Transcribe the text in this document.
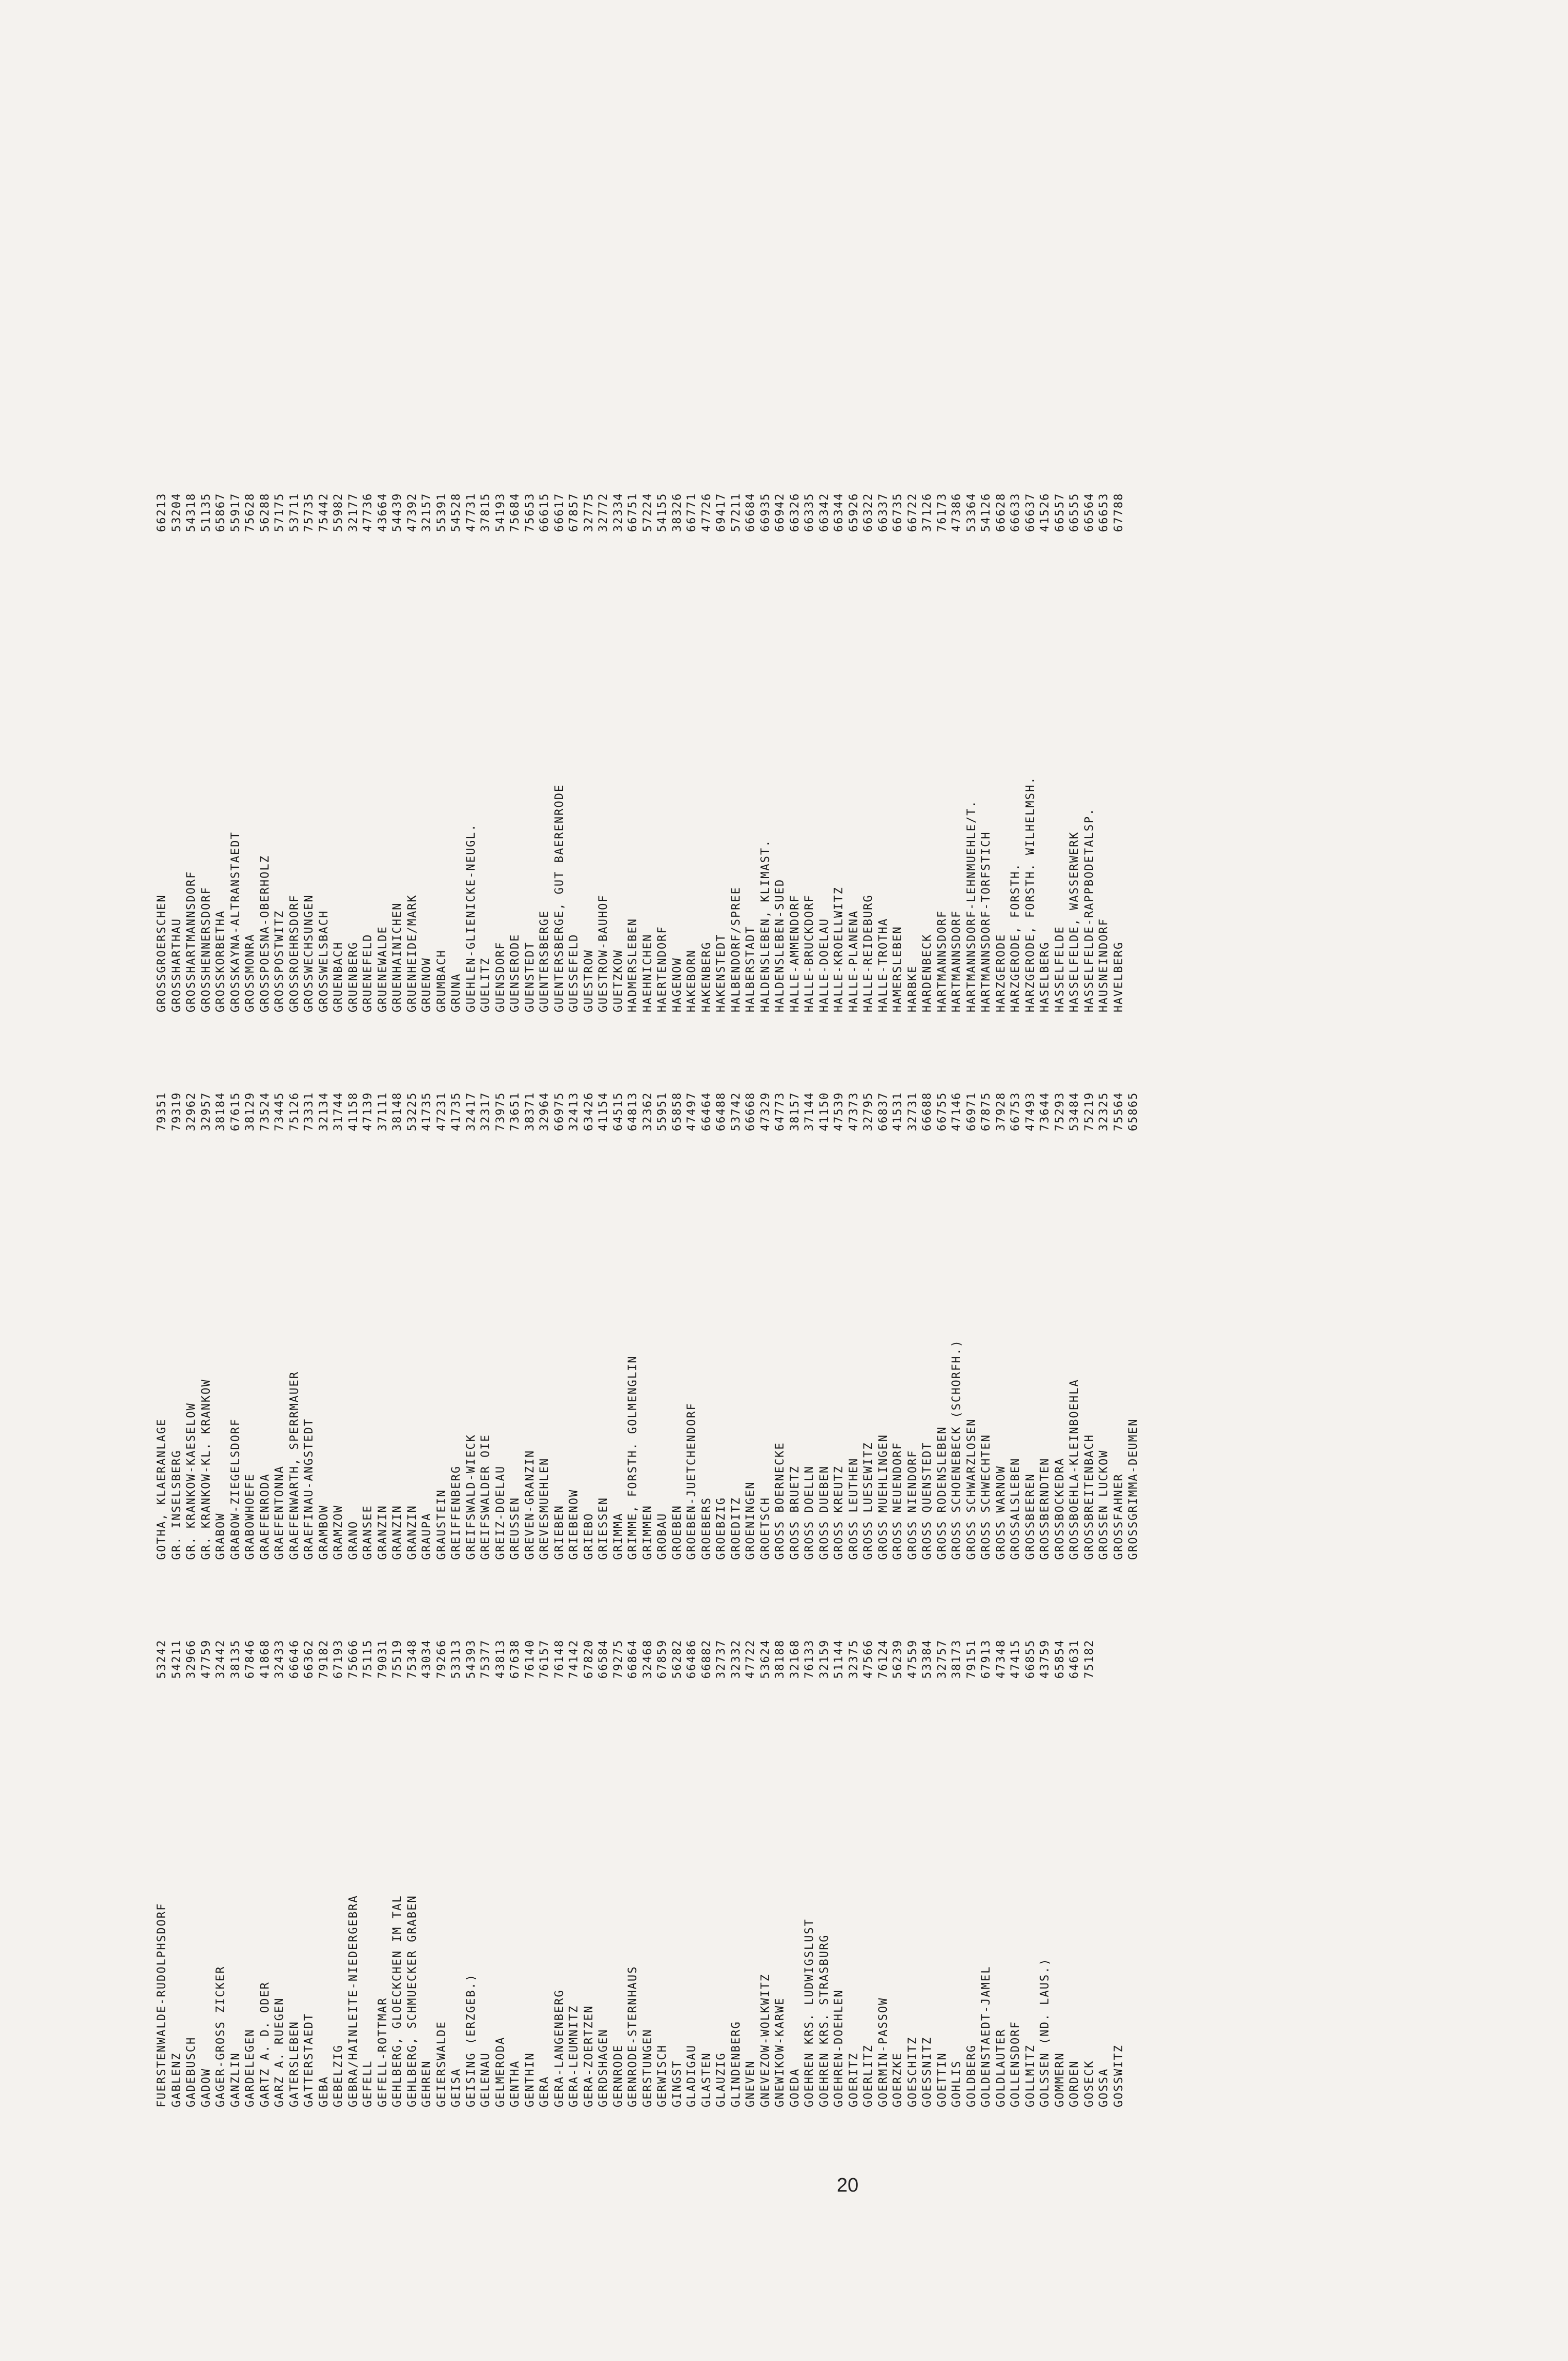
FUERSTENWALDE-RUDOLPHSDORF
53242
GABLENZ
54211
GADEBUSCH
32966
GADOW
47759
GAGER-GROSS ZICKER
32442
GANZLIN
38135
GARDELEGEN
67846
GARTZ A. D. ODER
41868
GARZ A. RUEGEN
32433
GATERSLEBEN
66646
GATTERSTAEDT
66362
GEBA
79182
GEBELZIG
67193
GEBRA/HAINLEITE-NIEDERGEBRA
75666
GEFELL
75115
GEFELL-ROTTMAR
79031
GEHLBERG, GLOECKCHEN IM TAL
75519
GEHLBERG, SCHMUECKER GRABEN
75348
GEHREN
43034
GEIERSWALDE
79266
GEISA
53313
GEISING (ERZGEB.)
54393
GELENAU
75377
GELMERODA
43813
GENTHA
67638
GENTHIN
76140
GERA
76157
GERA-LANGENBERG
76148
GERA-LEUMNITZ
74142
GERA-ZOERTZEN
67820
GERDSHAGEN
66584
GERNRODE
79275
GERNRODE-STERNHAUS
66864
GERSTUNGEN
32468
GERWISCH
67859
GINGST
56282
GLADIGAU
66486
GLASTEN
66882
GLAUZIG
32737
GLINDENBERG
32332
GNEVEN
47722
GNEVEZOW-WOLKWITZ
53624
GNEWIKOW-KARWE
38188
GOEDA
32168
GOEHREN KRS. LUDWIGSLUST
76133
GOEHREN KRS. STRASBURG
32159
GOEHREN-DOEHLEN
51144
GOERITZ
32375
GOERLITZ
47566
GOERMIN-PASSOW
76124
GOERZKE
56239
GOESCHITZ
47559
GOESSNITZ
53384
GOETTIN
32757
GOHLIS
38173
GOLDBERG
79151
GOLDENSTAEDT-JAMEL
67913
GOLDLAUTER
47348
GOLLENSDORF
47415
GOLLMITZ
66855
GOLSSEN (ND. LAUS.)
43759
GOMMERN
65854
GORDEN
64631
GOSECK
75182
GOSSA GOSSWITZ
GOTHA, KLAERANLAGE
79351
GR. INSELSBERG
79319
GR. KRANKOW-KAESELOW
32962
GR. KRANKOW-KL. KRANKOW
32957
GRABOW
38184
GRABOW-ZIEGELSDORF
67615
GRABOWHOEFE
38129
GRAEFENRODA
73524
GRAEFENTONNA
73445
GRAEFENWARTH, SPERRMAUER
75126
GRAEFINAU-ANGSTEDT
73331
GRAMBOW
32134
GRAMZOW
31744
GRANO
41158
GRANSEE
47139
GRANZIN
37111
GRANZIN
38148
GRANZIN
53225
GRAUPA
41735
GRAUSTEIN
47231
GREIFFENBERG
41735
GREIFSWALD-WIECK
32417
GREIFSWALDER OIE
32317
GREIZ-DOELAU
73975
GREUSSEN
73651
GREVEN-GRANZIN
38371
GREVESMUEHLEN
32964
GRIEBEN
66975
GRIEBENOW
32413
GRIEBO
63426
GRIESSEN
41154
GRIMMA
64515
GRIMME, FORSTH. GOLMENGLIN
64813
GRIMMEN
32362
GROBAU
55951
GROEBEN
65858
GROEBEN-JUETCHENDORF
47497
GROEBERS
66464
GROEBZIG
66488
GROEDITZ
53742
GROENINGEN
66668
GROETSCH
47329
GROSS BOERNECKE
64773
GROSS BRUETZ
38157
GROSS DOELLN
37144
GROSS DUEBEN
41150
GROSS KREUTZ
47539
GROSS LEUTHEN
47373
GROSS LUESEWITZ
32795
GROSS MUEHLINGEN
66837
GROSS NEUENDORF
41531
GROSS NIENDORF
32731
GROSS QUENSTEDT
66688
GROSS RODENSLEBEN
66755
GROSS SCHOENEBECK (SCHORFH.)
47146
GROSS SCHWARZLOSEN
66971
GROSS SCHWECHTEN
67875
GROSS WARNOW
37928
GROSSALSLEBEN
66753
GROSSBEEREN
47493
GROSSBERNDTEN
73644
GROSSBOCKEDRA
75293
GROSSBOEHLA-KLEINBOEHLA
53484
GROSSBREITENBACH
75219
GROSSEN LUCKOW
32325
GROSSFAHNER
75564
GROSSGRIMMA-DEUMEN
65865
GROSSGROERSCHEN
66213
GROSSHARTHAU
53204
GROSSHARTMANNSDORF
54318
GROSSHENNERSDORF
51135
GROSSKORBETHA
65867
GROSSKAYNA-ALTRANSTAEDT
55917
GROSSMONRA
75628
GROSSPOESNA-OBERHOLZ
56288
GROSSPOSTWITZ
57175
GROSSROEHRSDORF
53711
GROSSWECHSUNGEN
75735
GROSSWELSBACH
75442
GRUENBACH
55982
GRUENBERG
32177
GRUENEFELD
47736
GRUENEWALDE
43664
GRUENHAINICHEN
54439
GRUENHEIDE/MARK
47392
GRUENOW
32157
GRUMBACH
55391
GRUNA
54528
GUEHLEN-GLIENICKE-NEUGL.
47731
GUELITZ
37815
GUENSDORF
54193
GUENSERODE
75684
GUENSTEDT
75653
GUENTERSBERGE
66615
GUENTERSBERGE, GUT BAERENRODE
66617
GUESSEFELD
67857
GUESTROW
32775
GUESTROW-BAUHOF
32772
GUETZKOW
32334
HADMERSLEBEN
66751
HAEHNICHEN
57224
HAERTENDORF
54155
HAGENOW
38326
HAKEBORN
66771
HAKENBERG
47726
HAKENSTEDT
69417
HALBENDORF/SPREE
57211
HALBERSTADT
66684
HALDENSLEBEN, KLIMAST.
66935
HALDENSLEBEN-SUED
66942
HALLE-AMMENDORF
66326
HALLE-BRUCKDORF
66335
HALLE-DOELAU
66342
HALLE-KROELLWITZ
66344
HALLE-PLANENA
65926
HALLE-REIDEBURG
66322
HALLE-TROTHA
66337
HAMERSLEBEN
66735
HARBKE
66722
HARDENBECK
37126
HARTMANNSDORF
76173
HARTMANNSDORF
47386
HARTMANNSDORF-LEHNMUEHLE/T.
53364
HARTMANNSDORF-TORFSTICH
54126
HARZGERODE
66628
HARZGERODE, FORSTH.
66633
HARZGERODE, FORSTH. WILHELMSH.
66637
HASELBERG
41526
HASSELFELDE
66557
HASSELFELDE, WASSERWERK
66555
HASSELFELDE-RAPPBODETALSP.
66564
HAUSNEINDORF
66653
HAVELBERG
67788
20
